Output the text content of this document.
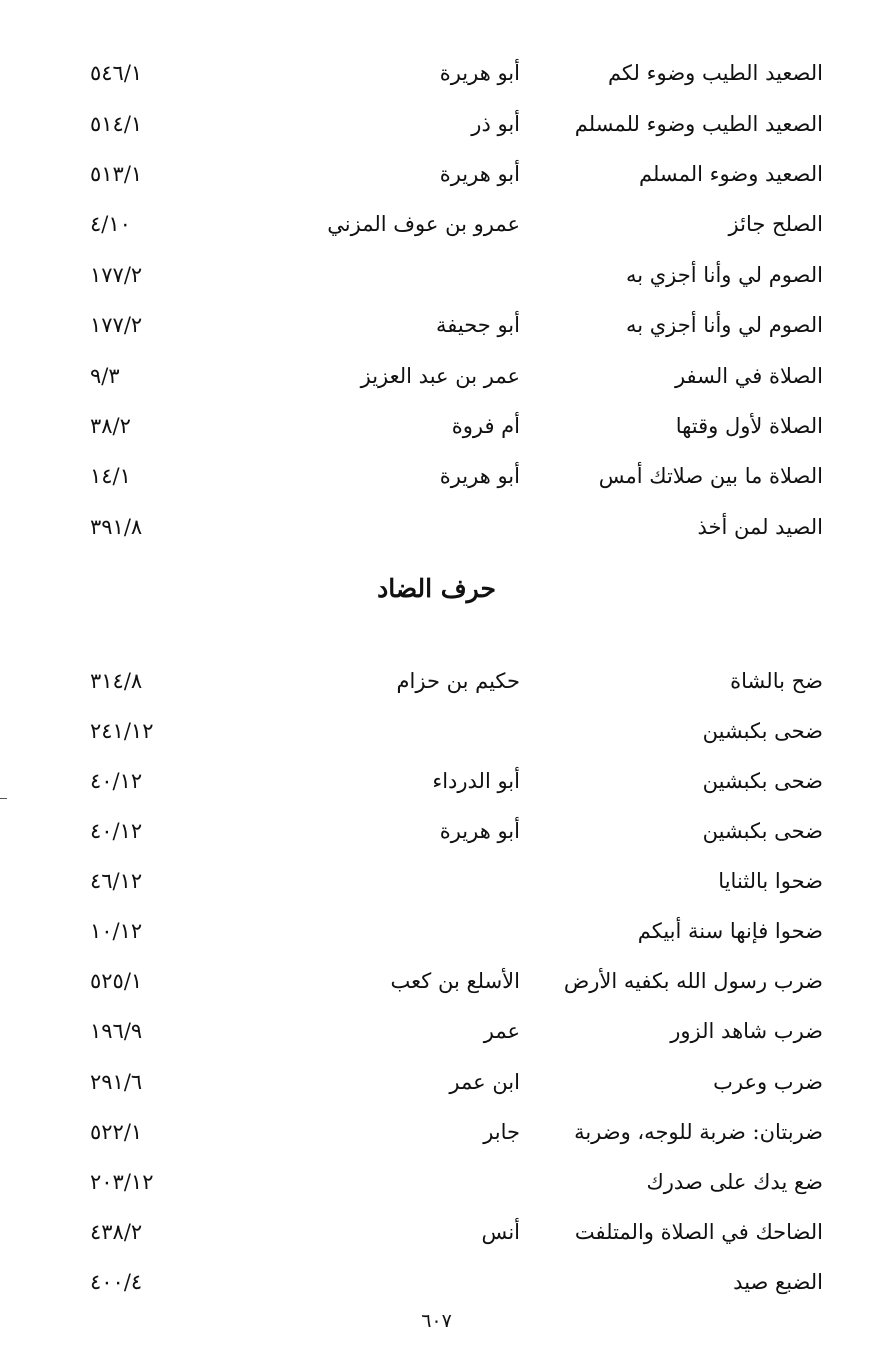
الصعيد الطيب وضوء لكم
أبو هريرة
٥٤٦/١
الصعيد الطيب وضوء للمسلم
أبو ذر
٥١٤/١
الصعيد وضوء المسلم
أبو هريرة
٥١٣/١
الصلح جائز
عمرو بن عوف المزني
٤/١٠
الصوم لي وأنا أجزي به
١٧٧/٢
الصوم لي وأنا أجزي به
أبو جحيفة
١٧٧/٢
الصلاة في السفر
عمر بن عبد العزيز
٩/٣
الصلاة لأول وقتها
أم فروة
٣٨/٢
الصلاة ما بين صلاتك أمس
أبو هريرة
١٤/١
الصيد لمن أخذ
٣٩١/٨
حرف الضاد
ضح بالشاة
حكيم بن حزام
٣١٤/٨
ضحى بكبشين
٢٤١/١٢
ضحى بكبشين
أبو الدرداء
٤٠/١٢
ضحى بكبشين
أبو هريرة
٤٠/١٢
ضحوا بالثنايا
٤٦/١٢
ضحوا فإنها سنة أبيكم
١٠/١٢
ضرب رسول الله بكفيه الأرض
الأسلع بن كعب
٥٢٥/١
ضرب شاهد الزور
عمر
١٩٦/٩
ضرب وعرب
ابن عمر
٢٩١/٦
ضربتان: ضربة للوجه، وضربة
جابر
٥٢٢/١
ضع يدك على صدرك
٢٠٣/١٢
الضاحك في الصلاة والمتلفت
أنس
٤٣٨/٢
الضبع صيد
٤٠٠/٤
٦٠٧
